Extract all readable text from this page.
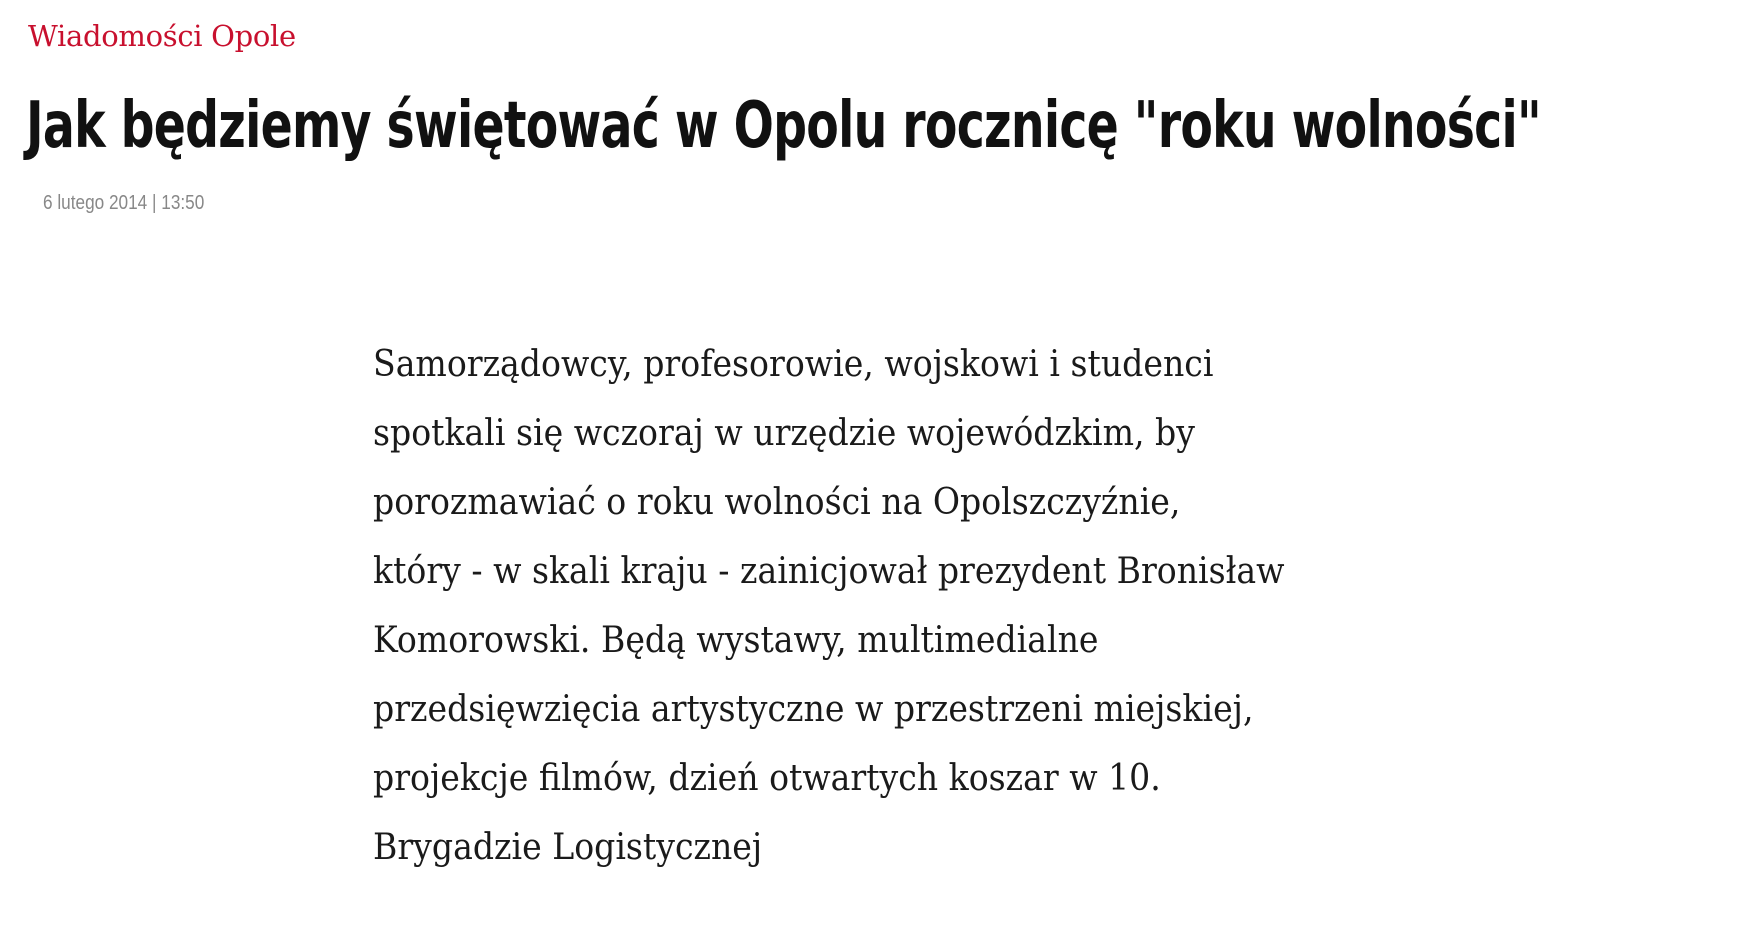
Wiadomości Opole
Jak będziemy świętować w Opolu rocznicę "roku wolności"
6 lutego 2014 | 13:50

Samorządowcy, profesorowie, wojskowi i studenci
spotkali się wczoraj w urzędzie wojewódzkim, by
porozmawiać o roku wolności na Opolszczyźnie,
który - w skali kraju - zainicjował prezydent Bronisław
Komorowski. Będą wystawy, multimedialne
przedsięwzięcia artystyczne w przestrzeni miejskiej,
projekcje filmów, dzień otwartych koszar w 10.
Brygadzie Logistycznej
